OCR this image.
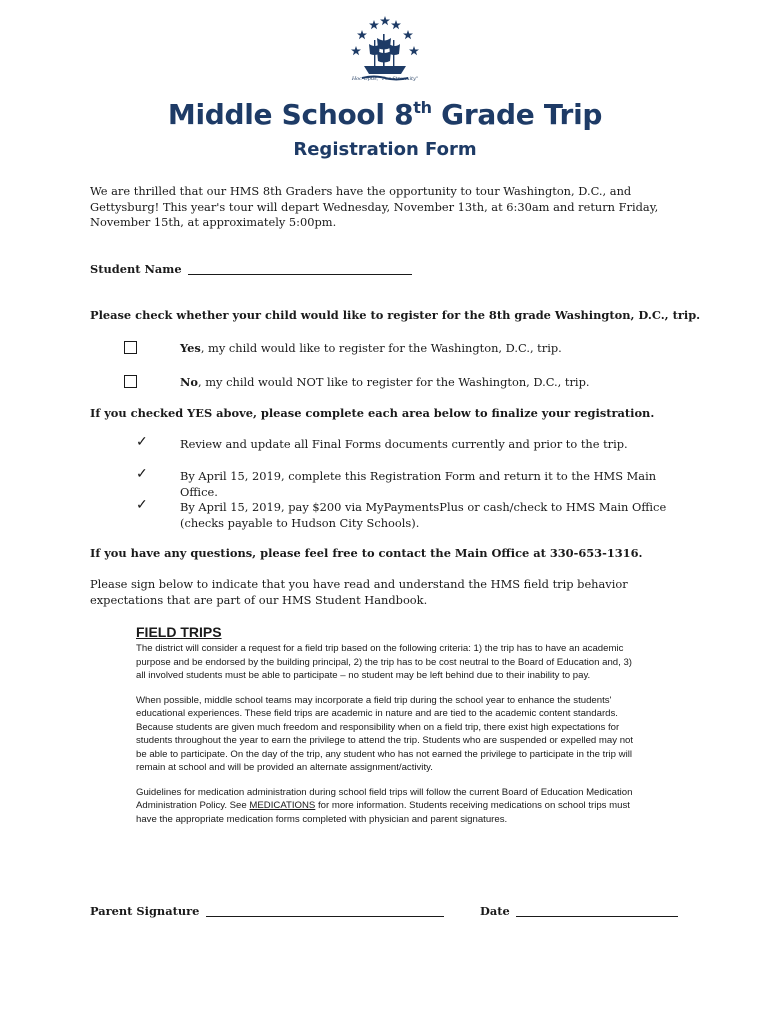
Hoc Opus, "Per Strenuity"
Middle School 8th Grade Trip
Registration Form
We are thrilled that our HMS 8th Graders have the opportunity to tour Washington, D.C., and Gettysburg! This year's tour will depart Wednesday, November 13th, at 6:30am and return Friday, November 15th, at approximately 5:00pm.
Student Name
Please check whether your child would like to register for the 8th grade Washington, D.C., trip.
Yes, my child would like to register for the Washington, D.C., trip.
No, my child would NOT like to register for the Washington, D.C., trip.
If you checked YES above, please complete each area below to finalize your registration.
✓	Review and update all Final Forms documents currently and prior to the trip.
✓	By April 15, 2019, complete this Registration Form and return it to the HMS Main Office.
✓	By April 15, 2019, pay $200 via MyPaymentsPlus or cash/check to HMS Main Office (checks payable to Hudson City Schools).
If you have any questions, please feel free to contact the Main Office at 330-653-1316.
Please sign below to indicate that you have read and understand the HMS field trip behavior expectations that are part of our HMS Student Handbook.
FIELD TRIPS

The district will consider a request for a field trip based on the following criteria: 1) the trip has to have an academic purpose and be endorsed by the building principal, 2) the trip has to be cost neutral to the Board of Education and, 3) all involved students must be able to participate – no student may be left behind due to their inability to pay.

When possible, middle school teams may incorporate a field trip during the school year to enhance the students' educational experiences. These field trips are academic in nature and are tied to the academic content standards. Because students are given much freedom and responsibility when on a field trip, there exist high expectations for students throughout the year to earn the privilege to attend the trip. Students who are suspended or expelled may not be able to participate. On the day of the trip, any student who has not earned the privilege to participate in the trip will remain at school and will be provided an alternate assignment/activity.

Guidelines for medication administration during school field trips will follow the current Board of Education Medication Administration Policy. See MEDICATIONS for more information. Students receiving medications on school trips must have the appropriate medication forms completed with physician and parent signatures.

Parent Signature	Date
